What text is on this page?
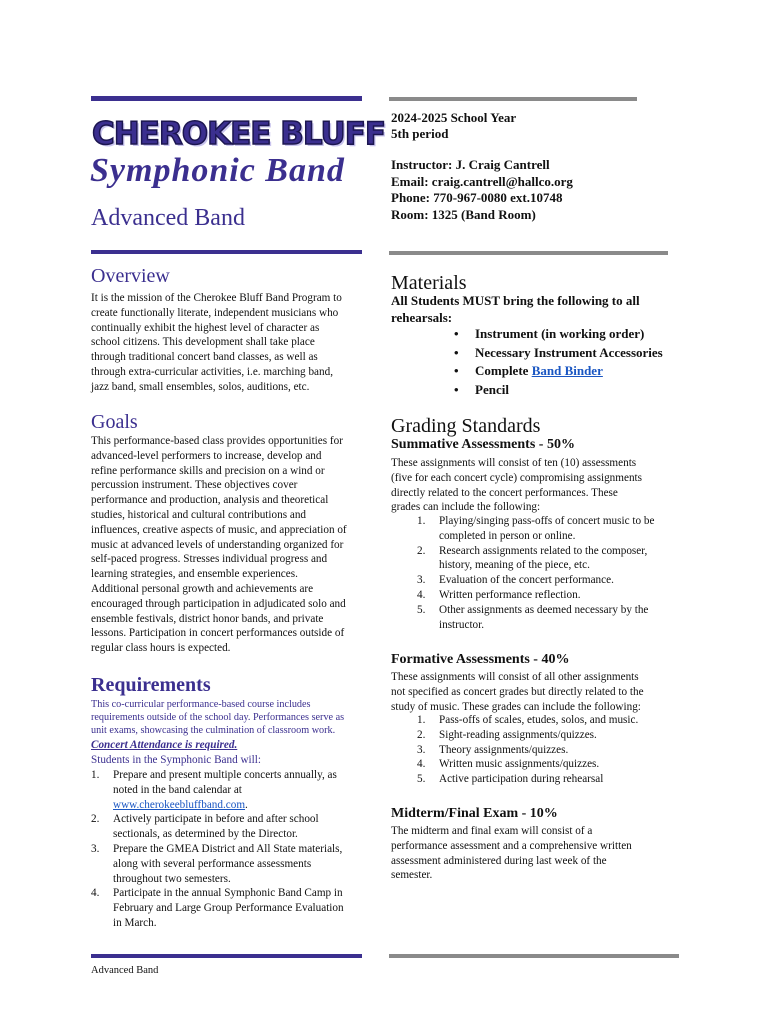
CHEROKEE BLUFF
Symphonic Band
Advanced Band
2024-2025 School Year
5th period
Instructor: J. Craig Cantrell
Email: craig.cantrell@hallco.org
Phone: 770-967-0080 ext.10748
Room: 1325 (Band Room)
Overview
It is the mission of the Cherokee Bluff Band Program to
create functionally literate, independent musicians who
continually exhibit the highest level of character as
school citizens. This development shall take place
through traditional concert band classes, as well as
through extra-curricular activities, i.e. marching band,
jazz band, small ensembles, solos, auditions, etc.
Goals
This performance-based class provides opportunities for
advanced-level performers to increase, develop and
refine performance skills and precision on a wind or
percussion instrument. These objectives cover
performance and production, analysis and theoretical
studies, historical and cultural contributions and
influences, creative aspects of music, and appreciation of
music at advanced levels of understanding organized for
self-paced progress. Stresses individual progress and
learning strategies, and ensemble experiences.
Additional personal growth and achievements are
encouraged through participation in adjudicated solo and
ensemble festivals, district honor bands, and private
lessons. Participation in concert performances outside of
regular class hours is expected.
Requirements
This co-curricular performance-based course includes
requirements outside of the school day. Performances serve as
unit exams, showcasing the culmination of classroom work.
Concert Attendance is required.
Students in the Symphonic Band will:
1. Prepare and present multiple concerts annually, as
noted in the band calendar at
www.cherokeebluffband.com.
2. Actively participate in before and after school
sectionals, as determined by the Director.
3. Prepare the GMEA District and All State materials,
along with several performance assessments
throughout two semesters.
4. Participate in the annual Symphonic Band Camp in
February and Large Group Performance Evaluation
in March.
Materials
All Students MUST bring the following to all
rehearsals:
• Instrument (in working order)
• Necessary Instrument Accessories
• Complete Band Binder
• Pencil
Grading Standards
Summative Assessments - 50%
These assignments will consist of ten (10) assessments
(five for each concert cycle) compromising assignments
directly related to the concert performances. These
grades can include the following:
1. Playing/singing pass-offs of concert music to be
completed in person or online.
2. Research assignments related to the composer,
history, meaning of the piece, etc.
3. Evaluation of the concert performance.
4. Written performance reflection.
5. Other assignments as deemed necessary by the
instructor.
Formative Assessments - 40%
These assignments will consist of all other assignments
not specified as concert grades but directly related to the
study of music. These grades can include the following:
1. Pass-offs of scales, etudes, solos, and music.
2. Sight-reading assignments/quizzes.
3. Theory assignments/quizzes.
4. Written music assignments/quizzes.
5. Active participation during rehearsal
Midterm/Final Exam - 10%
The midterm and final exam will consist of a
performance assessment and a comprehensive written
assessment administered during last week of the
semester.
Advanced Band
